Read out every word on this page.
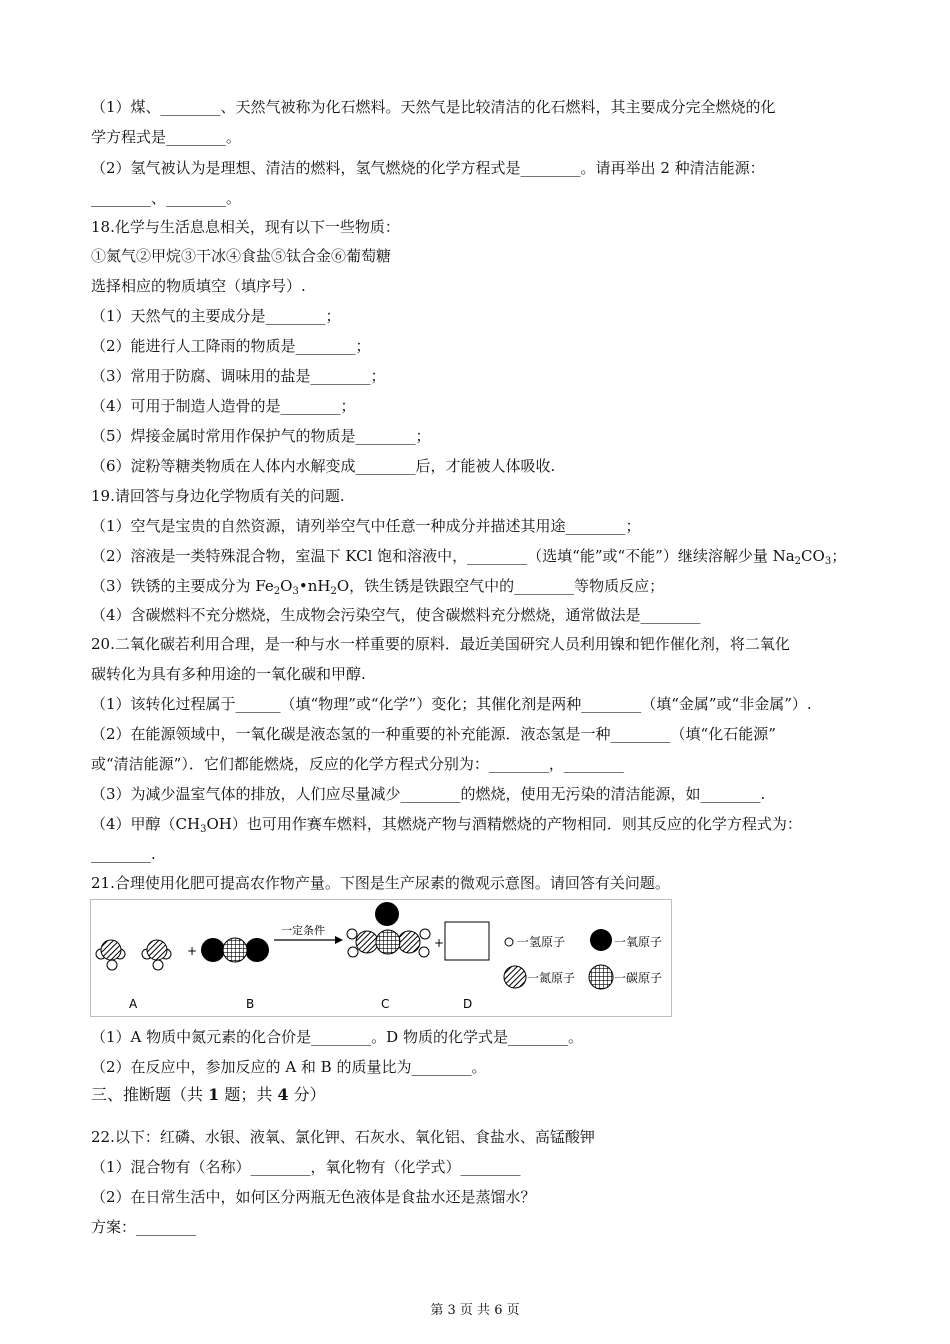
（1）煤、________、天然气被称为化石燃料。天然气是比较清洁的化石燃料，其主要成分完全燃烧的化
学方程式是________。
（2）氢气被认为是理想、清洁的燃料，氢气燃烧的化学方程式是________。请再举出 2 种清洁能源：
________、________。
18.化学与生活息息相关，现有以下一些物质：
①氮气②甲烷③干冰④食盐⑤钛合金⑥葡萄糖
选择相应的物质填空（填序号）.
（1）天然气的主要成分是________；
（2）能进行人工降雨的物质是________；
（3）常用于防腐、调味用的盐是________；
（4）可用于制造人造骨的是________；
（5）焊接金属时常用作保护气的物质是________；
（6）淀粉等糖类物质在人体内水解变成________后，才能被人体吸收.
19.请回答与身边化学物质有关的问题.
（1）空气是宝贵的自然资源，请列举空气中任意一种成分并描述其用途________；
（2）溶液是一类特殊混合物，室温下 KCl 饱和溶液中，________（选填“能”或“不能”）继续溶解少量 $Na_2CO_3$；
（3）铁锈的主要成分为 $Fe_2O_3•nH_2O$，铁生锈是铁跟空气中的________等物质反应；
（4）含碳燃料不充分燃烧，生成物会污染空气，使含碳燃料充分燃烧，通常做法是________
20.二氧化碳若利用合理，是一种与水一样重要的原料．最近美国研究人员利用镍和钯作催化剂，将二氧化
碳转化为具有多种用途的一氧化碳和甲醇.
（1）该转化过程属于______（填“物理”或“化学”）变化；其催化剂是两种________（填“金属”或“非金属”）.
（2）在能源领域中，一氧化碳是液态氢的一种重要的补充能源．液态氢是一种________（填“化石能源”
或“清洁能源”）．它们都能燃烧，反应的化学方程式分别为：________，________
（3）为减少温室气体的排放，人们应尽量减少________的燃烧，使用无污染的清洁能源，如________.
（4）甲醇$(CH_3OH)$也可用作赛车燃料，其燃烧产物与酒精燃烧的产物相同．则其反应的化学方程式为：
________.
21.合理使用化肥可提高农作物产量。下图是生产尿素的微观示意图。请回答有关问题。
+
一定条件
+	一氢原子	一氧原子
一氮原子	一碳原子
A	B	C	D
（1）A 物质中氮元素的化合价是________。D 物质的化学式是________。
（2）在反应中，参加反应的 A 和 B 的质量比为________。
三、推断题（共 1 题；共 4 分）
22.以下：红磷、水银、液氧、氯化钾、石灰水、氧化铝、食盐水、高锰酸钾
（1）混合物有（名称）________，氧化物有（化学式）________
（2）在日常生活中，如何区分两瓶无色液体是食盐水还是蒸馏水？
方案：________
第 3 页 共 6 页
